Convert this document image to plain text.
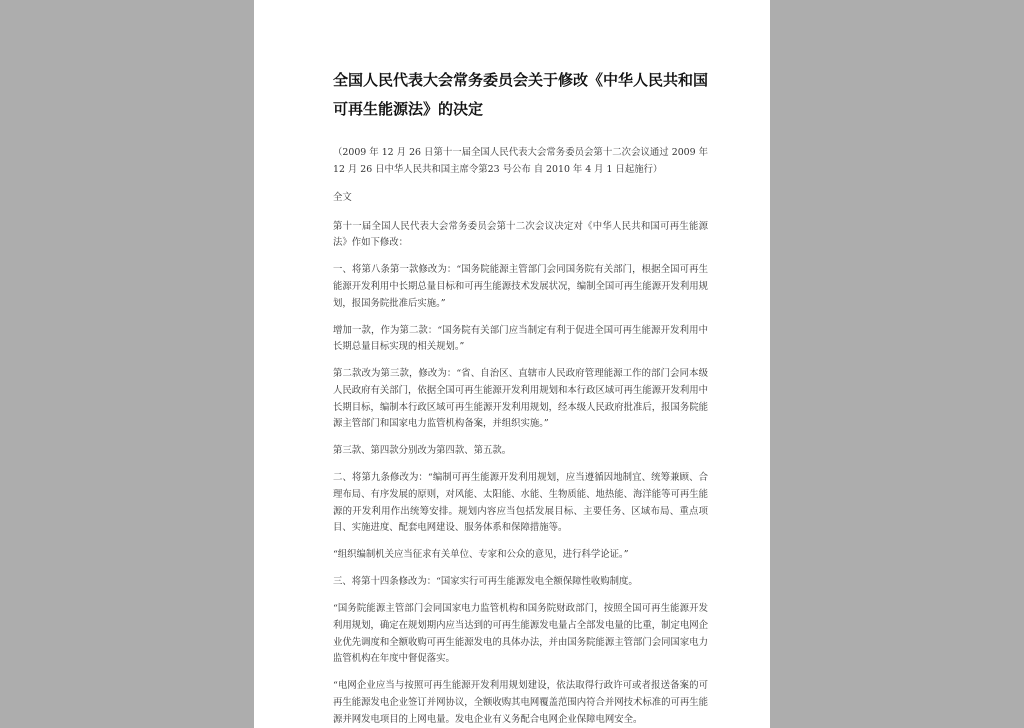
全国人民代表大会常务委员会关于修改《中华人民共和国可再生能源法》的决定

（2009 年 12 月 26 日第十一届全国人民代表大会常务委员会第十二次会议通过 2009 年 12 月 26 日中华人民共和国主席令第23 号公布 自 2010 年 4 月 1 日起施行）

全文

第十一届全国人民代表大会常务委员会第十二次会议决定对《中华人民共和国可再生能源法》作如下修改：

一、将第八条第一款修改为：“国务院能源主管部门会同国务院有关部门，根据全国可再生能源开发利用中长期总量目标和可再生能源技术发展状况，编制全国可再生能源开发利用规划，报国务院批准后实施。”

增加一款，作为第二款：“国务院有关部门应当制定有利于促进全国可再生能源开发利用中长期总量目标实现的相关规划。”

第二款改为第三款，修改为：“省、自治区、直辖市人民政府管理能源工作的部门会同本级人民政府有关部门，依据全国可再生能源开发利用规划和本行政区域可再生能源开发利用中长期目标，编制本行政区域可再生能源开发利用规划，经本级人民政府批准后，报国务院能源主管部门和国家电力监管机构备案，并组织实施。”

第三款、第四款分别改为第四款、第五款。

二、将第九条修改为：“编制可再生能源开发利用规划，应当遵循因地制宜、统筹兼顾、合理布局、有序发展的原则，对风能、太阳能、水能、生物质能、地热能、海洋能等可再生能源的开发利用作出统筹安排。规划内容应当包括发展目标、主要任务、区域布局、重点项目、实施进度、配套电网建设、服务体系和保障措施等。

“组织编制机关应当征求有关单位、专家和公众的意见，进行科学论证。”

三、将第十四条修改为：“国家实行可再生能源发电全额保障性收购制度。

“国务院能源主管部门会同国家电力监管机构和国务院财政部门，按照全国可再生能源开发利用规划，确定在规划期内应当达到的可再生能源发电量占全部发电量的比重，制定电网企业优先调度和全额收购可再生能源发电的具体办法，并由国务院能源主管部门会同国家电力监管机构在年度中督促落实。

“电网企业应当与按照可再生能源开发利用规划建设，依法取得行政许可或者报送备案的可再生能源发电企业签订并网协议，全额收购其电网覆盖范围内符合并网技术标准的可再生能源并网发电项目的上网电量。发电企业有义务配合电网企业保障电网安全。
